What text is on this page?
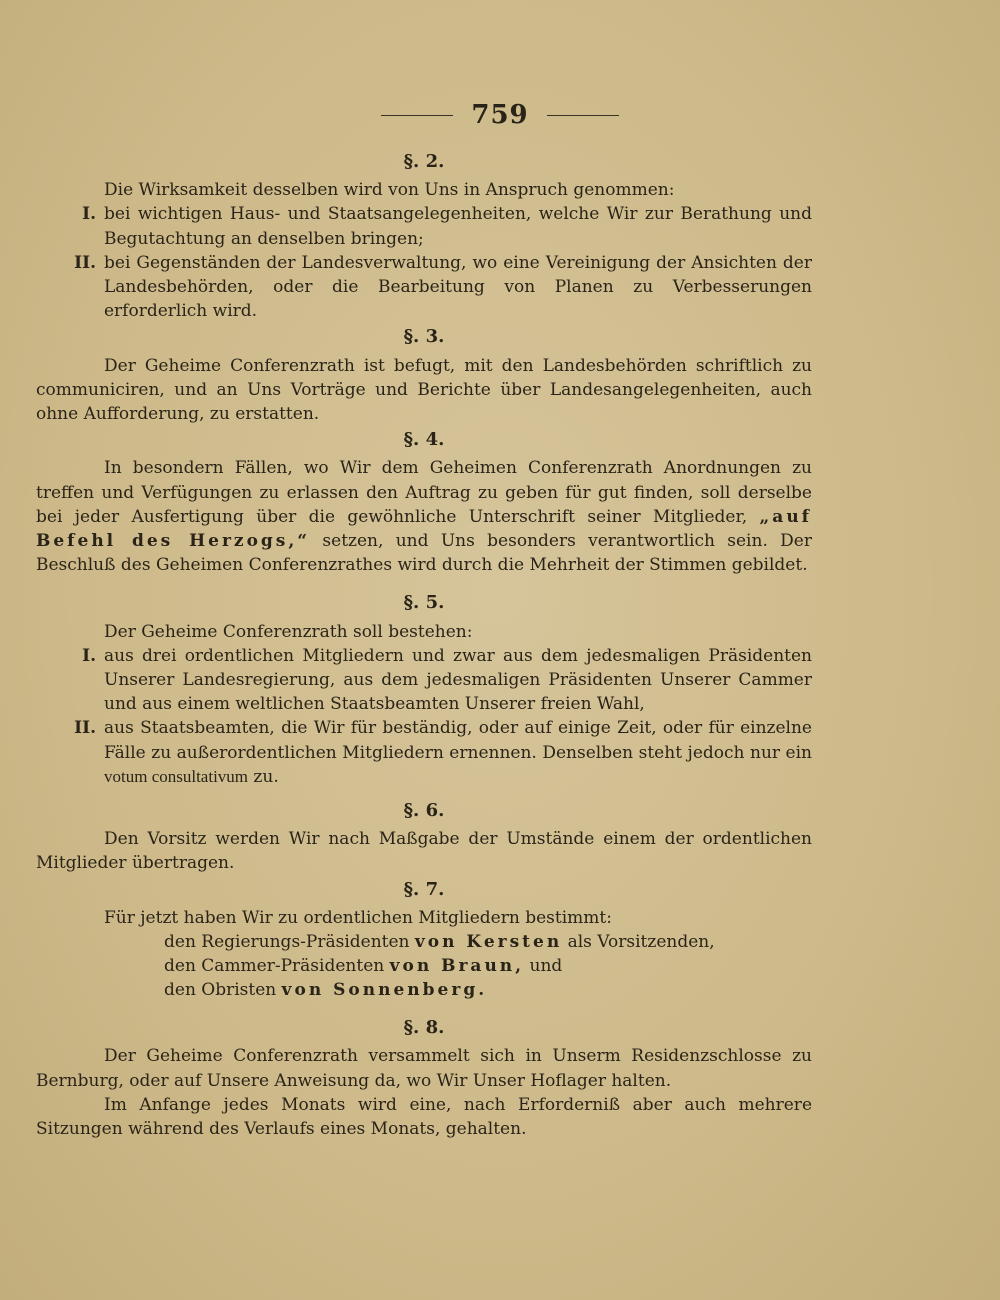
759
§. 2.

Die Wirksamkeit desselben wird von Uns in Anspruch genommen:

I. bei wichtigen Haus- und Staatsangelegenheiten, welche Wir zur Berathung und Begutachtung an denselben bringen;
II. bei Gegenständen der Landesverwaltung, wo eine Vereinigung der Ansichten der Landesbehörden, oder die Bearbeitung von Planen zu Verbesserungen erforderlich wird.
§. 3.

Der Geheime Conferenzrath ist befugt, mit den Landesbehörden schriftlich zu communiciren, und an Uns Vorträge und Berichte über Landesangelegenheiten, auch ohne Aufforderung, zu erstatten.

§. 4.

In besondern Fällen, wo Wir dem Geheimen Conferenzrath Anordnungen zu treffen und Verfügungen zu erlassen den Auftrag zu geben für gut finden, soll derselbe bei jeder Ausfertigung über die gewöhnliche Unterschrift seiner Mitglieder, „auf Befehl des Herzogs,“ setzen, und Uns besonders verantwortlich sein. Der Beschluß des Geheimen Conferenzrathes wird durch die Mehrheit der Stimmen gebildet.

§. 5.

Der Geheime Conferenzrath soll bestehen:

I. aus drei ordentlichen Mitgliedern und zwar aus dem jedesmaligen Präsidenten Unserer Landesregierung, aus dem jedesmaligen Präsidenten Unserer Cammer und aus einem weltlichen Staatsbeamten Unserer freien Wahl,
II. aus Staatsbeamten, die Wir für beständig, oder auf einige Zeit, oder für einzelne Fälle zu außerordentlichen Mitgliedern ernennen. Denselben steht jedoch nur ein votum consultativum zu.
§. 6.

Den Vorsitz werden Wir nach Maßgabe der Umstände einem der ordentlichen Mitglieder übertragen.

§. 7.

Für jetzt haben Wir zu ordentlichen Mitgliedern bestimmt:

den Regierungs-Präsidenten von Kersten als Vorsitzenden,
den Cammer-Präsidenten von Braun, und
den Obristen von Sonnenberg.
§. 8.

Der Geheime Conferenzrath versammelt sich in Unserm Residenzschlosse zu Bernburg, oder auf Unsere Anweisung da, wo Wir Unser Hoflager halten.

Im Anfange jedes Monats wird eine, nach Erforderniß aber auch mehrere Sitzungen während des Verlaufs eines Monats, gehalten.
